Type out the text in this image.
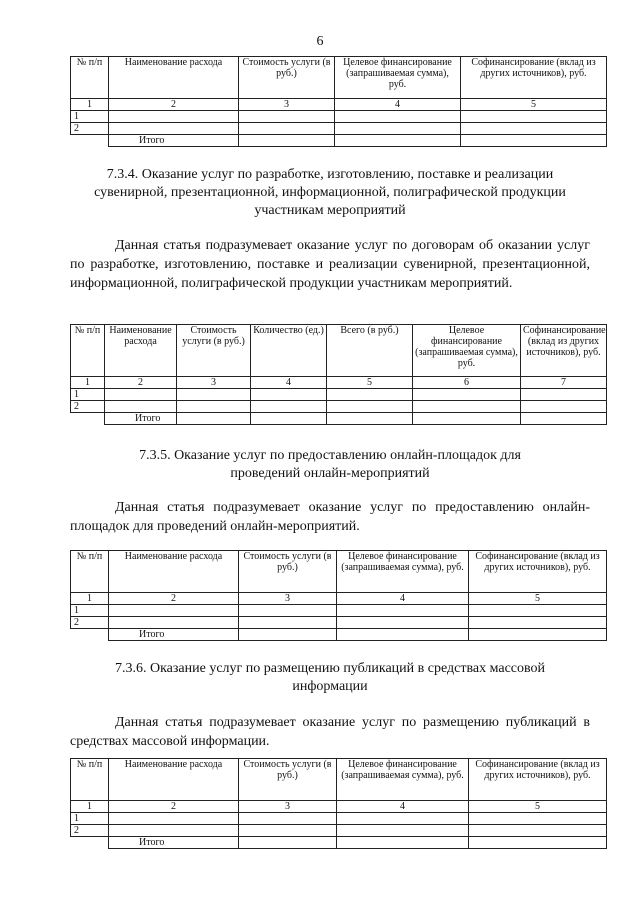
6
№ п/п	Наименование расхода	Стоимость услуги (в руб.)	Целевое финансирование (запрашиваемая сумма), руб.	Софинансирование (вклад из других источников), руб.
1	2	3	4	5
1				
2				
	Итого			
7.3.4. Оказание услуг по разработке, изготовлению, поставке и реализации сувенирной, презентационной, информационной, полиграфической продукции участникам мероприятий
Данная статья подразумевает оказание услуг по договорам об оказании услуг по разработке, изготовлению, поставке и реализации сувенирной, презентационной, информационной, полиграфической продукции участникам мероприятий.
№ п/п	Наименование расхода	Стоимость услуги (в руб.)	Количество (ед.)	Всего (в руб.)	Целевое финансирование (запрашиваемая сумма), руб.	Софинансирование (вклад из других источников), руб.
1	2	3	4	5	6	7
1						
2						
	Итого					
7.3.5. Оказание услуг по предоставлению онлайн-площадок для проведений онлайн-мероприятий
Данная статья подразумевает оказание услуг по предоставлению онлайн-площадок для проведений онлайн-мероприятий.
№ п/п	Наименование расхода	Стоимость услуги (в руб.)	Целевое финансирование (запрашиваемая сумма), руб.	Софинансирование (вклад из других источников), руб.
1	2	3	4	5
1				
2				
	Итого			
7.3.6. Оказание услуг по размещению публикаций в средствах массовой информации
Данная статья подразумевает оказание услуг по размещению публикаций в средствах массовой информации.
№ п/п	Наименование расхода	Стоимость услуги (в руб.)	Целевое финансирование (запрашиваемая сумма), руб.	Софинансирование (вклад из других источников), руб.
1	2	3	4	5
1				
2				
	Итого			
